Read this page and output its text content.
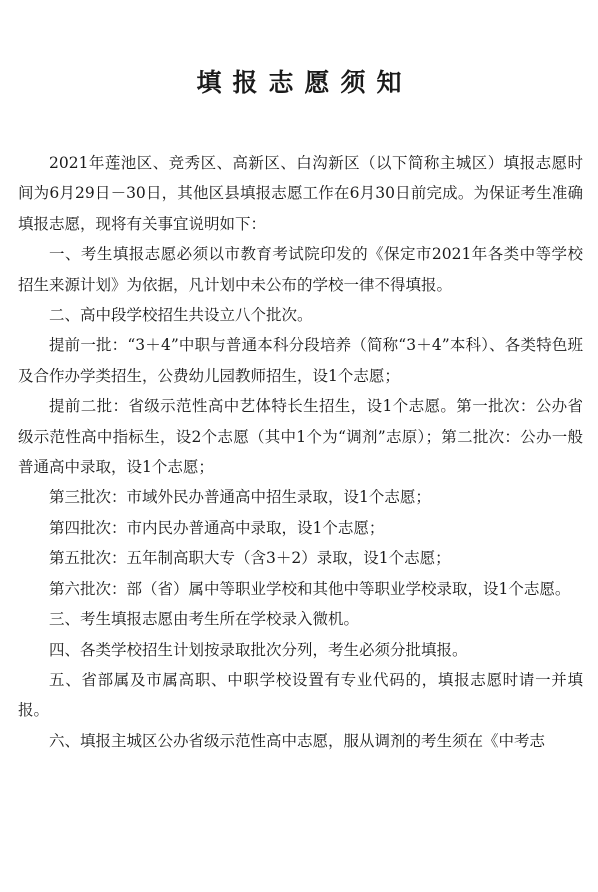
填报志愿须知

2021年莲池区、竞秀区、高新区、白沟新区（以下简称主城区）填报志愿时间为6月29日－30日，其他区县填报志愿工作在6月30日前完成。为保证考生准确填报志愿，现将有关事宜说明如下：

一、考生填报志愿必须以市教育考试院印发的《保定市2021年各类中等学校招生来源计划》为依据，凡计划中未公布的学校一律不得填报。

二、高中段学校招生共设立八个批次。

提前一批：“3＋4”中职与普通本科分段培养（简称“3＋4”本科）、各类特色班及合作办学类招生，公费幼儿园教师招生，设1个志愿；

提前二批：省级示范性高中艺体特长生招生，设1个志愿。第一批次：公办省级示范性高中指标生，设2个志愿（其中1个为“调剂”志原）；第二批次：公办一般普通高中录取，设1个志愿；

第三批次：市域外民办普通高中招生录取，设1个志愿；

第四批次：市内民办普通高中录取，设1个志愿；

第五批次：五年制高职大专（含3＋2）录取，设1个志愿；

第六批次：部（省）属中等职业学校和其他中等职业学校录取，设1个志愿。

三、考生填报志愿由考生所在学校录入微机。

四、各类学校招生计划按录取批次分列，考生必须分批填报。

五、省部属及市属高职、中职学校设置有专业代码的，填报志愿时请一并填报。

六、填报主城区公办省级示范性高中志愿，服从调剂的考生须在《中考志
